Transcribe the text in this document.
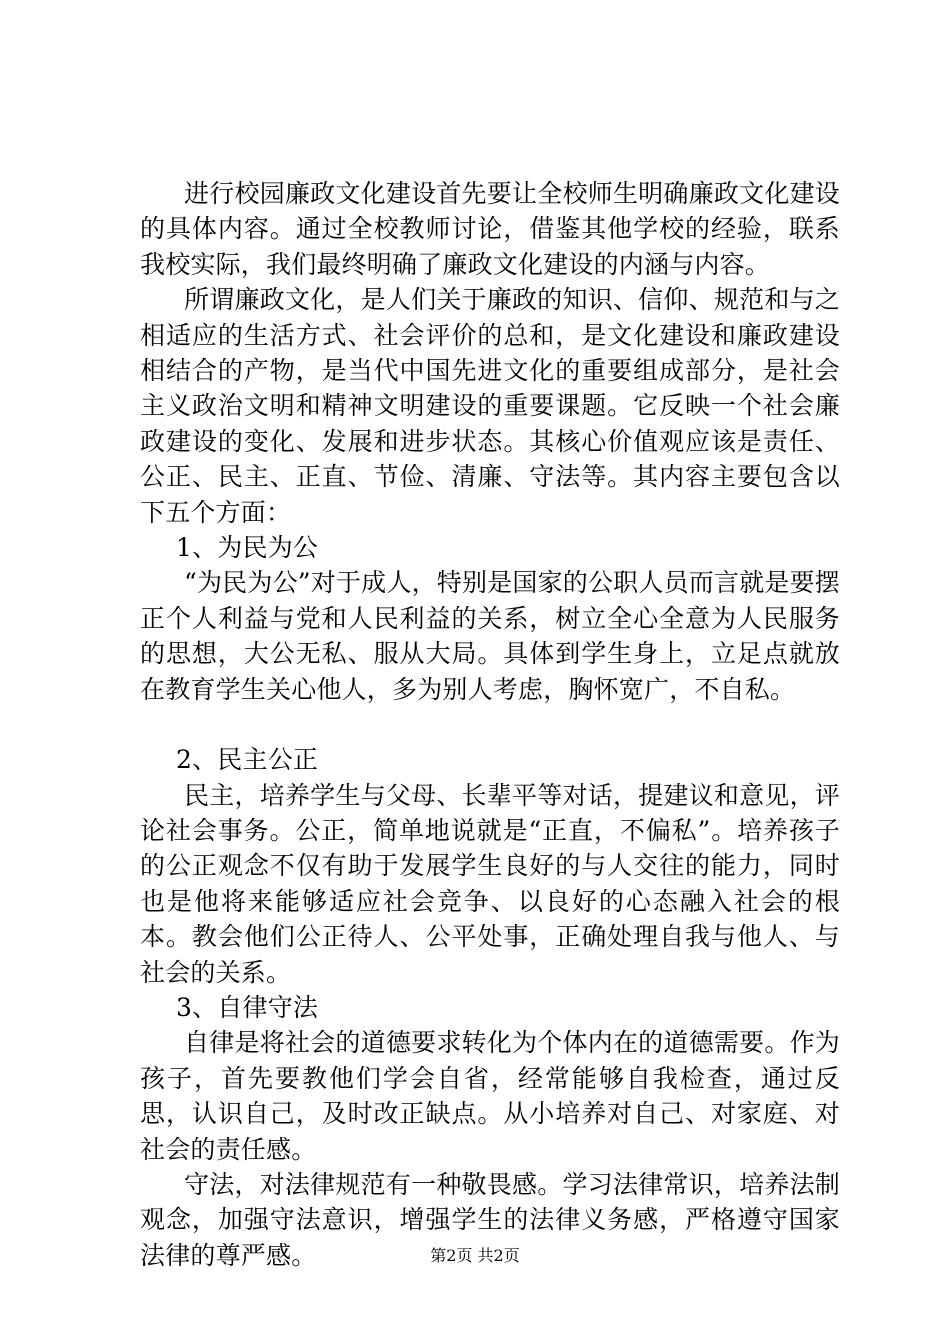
进行校园廉政文化建设首先要让全校师生明确廉政文化建设的具体内容。通过全校教师讨论，借鉴其他学校的经验，联系我校实际，我们最终明确了廉政文化建设的内涵与内容。

所谓廉政文化，是人们关于廉政的知识、信仰、规范和与之相适应的生活方式、社会评价的总和，是文化建设和廉政建设相结合的产物，是当代中国先进文化的重要组成部分，是社会主义政治文明和精神文明建设的重要课题。它反映一个社会廉政建设的变化、发展和进步状态。其核心价值观应该是责任、公正、民主、正直、节俭、清廉、守法等。其内容主要包含以下五个方面：

1、为民为公

“为民为公”对于成人，特别是国家的公职人员而言就是要摆正个人利益与党和人民利益的关系，树立全心全意为人民服务的思想，大公无私、服从大局。具体到学生身上，立足点就放在教育学生关心他人，多为别人考虑，胸怀宽广，不自私。

2、民主公正

民主，培养学生与父母、长辈平等对话，提建议和意见，评论社会事务。公正，简单地说就是“正直，不偏私”。培养孩子的公正观念不仅有助于发展学生良好的与人交往的能力，同时也是他将来能够适应社会竞争、以良好的心态融入社会的根本。教会他们公正待人、公平处事，正确处理自我与他人、与社会的关系。

3、自律守法

自律是将社会的道德要求转化为个体内在的道德需要。作为孩子，首先要教他们学会自省，经常能够自我检查，通过反思，认识自己，及时改正缺点。从小培养对自己、对家庭、对社会的责任感。

守法，对法律规范有一种敬畏感。学习法律常识，培养法制观念，加强守法意识，增强学生的法律义务感，严格遵守国家法律的尊严感。	第2页 共2页
